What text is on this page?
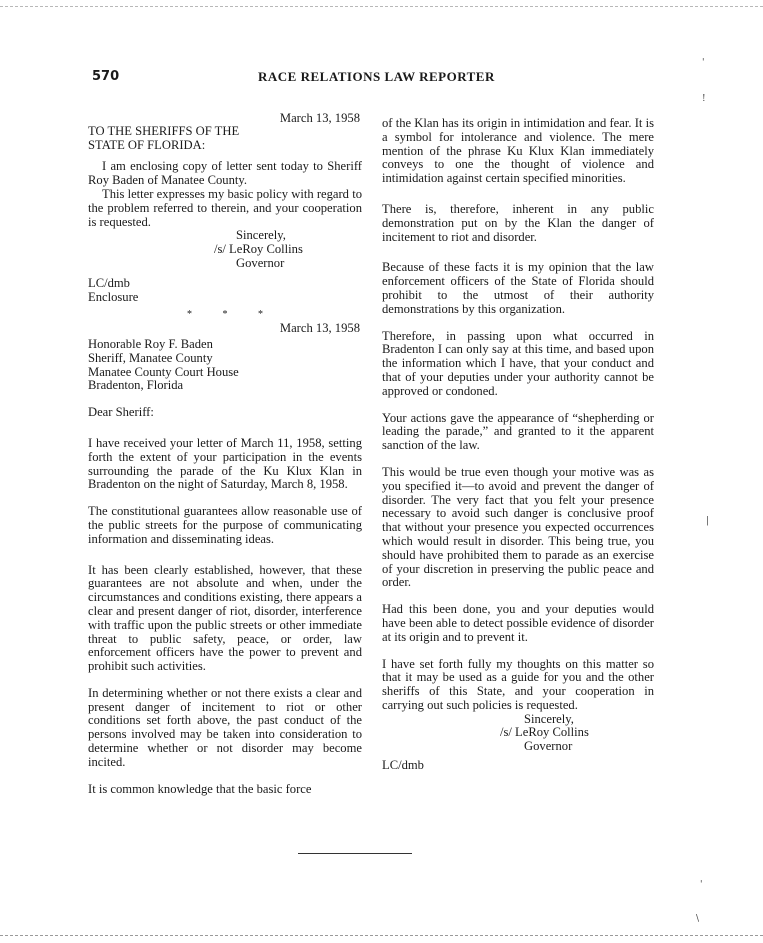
570	RACE RELATIONS LAW REPORTER

March 13, 1958

TO THE SHERIFFS OF THE

STATE OF FLORIDA:

I am enclosing copy of letter sent today to Sheriff Roy Baden of Manatee County.

This letter expresses my basic policy with regard to the problem referred to therein, and your cooperation is requested.

Sincerely,

/s/ LeRoy Collins

Governor

LC/dmb

Enclosure

* * *

March 13, 1958

Honorable Roy F. Baden

Sheriff, Manatee County

Manatee County Court House

Bradenton, Florida

Dear Sheriff:

I have received your letter of March 11, 1958, setting forth the extent of your participation in the events surrounding the parade of the Ku Klux Klan in Bradenton on the night of Saturday, March 8, 1958.

The constitutional guarantees allow reasonable use of the public streets for the purpose of communicating information and disseminating ideas.

It has been clearly established, however, that these guarantees are not absolute and when, under the circumstances and conditions existing, there appears a clear and present danger of riot, disorder, interference with traffic upon the public streets or other immediate threat to public safety, peace, or order, law enforcement officers have the power to prevent and prohibit such activities.

In determining whether or not there exists a clear and present danger of incitement to riot or other conditions set forth above, the past conduct of the persons involved may be taken into consideration to determine whether or not disorder may become incited.

It is common knowledge that the basic force

of the Klan has its origin in intimidation and fear. It is a symbol for intolerance and violence. The mere mention of the phrase Ku Klux Klan immediately conveys to one the thought of violence and intimidation against certain specified minorities.

There is, therefore, inherent in any public demonstration put on by the Klan the danger of incitement to riot and disorder.

Because of these facts it is my opinion that the law enforcement officers of the State of Florida should prohibit to the utmost of their authority demonstrations by this organization.

Therefore, in passing upon what occurred in Bradenton I can only say at this time, and based upon the information which I have, that your conduct and that of your deputies under your authority cannot be approved or condoned.

Your actions gave the appearance of “shepherding or leading the parade,” and granted to it the apparent sanction of the law.

This would be true even though your motive was as you specified it—to avoid and prevent the danger of disorder. The very fact that you felt your presence necessary to avoid such danger is conclusive proof that without your presence you expected occurrences which would result in disorder. This being true, you should have prohibited them to parade as an exercise of your discretion in preserving the public peace and order.

Had this been done, you and your deputies would have been able to detect possible evidence of disorder at its origin and to prevent it.

I have set forth fully my thoughts on this matter so that it may be used as a guide for you and the other sheriffs of this State, and your cooperation in carrying out such policies is requested.

Sincerely,

/s/ LeRoy Collins

Governor

LC/dmb

'
!
|
'
\
